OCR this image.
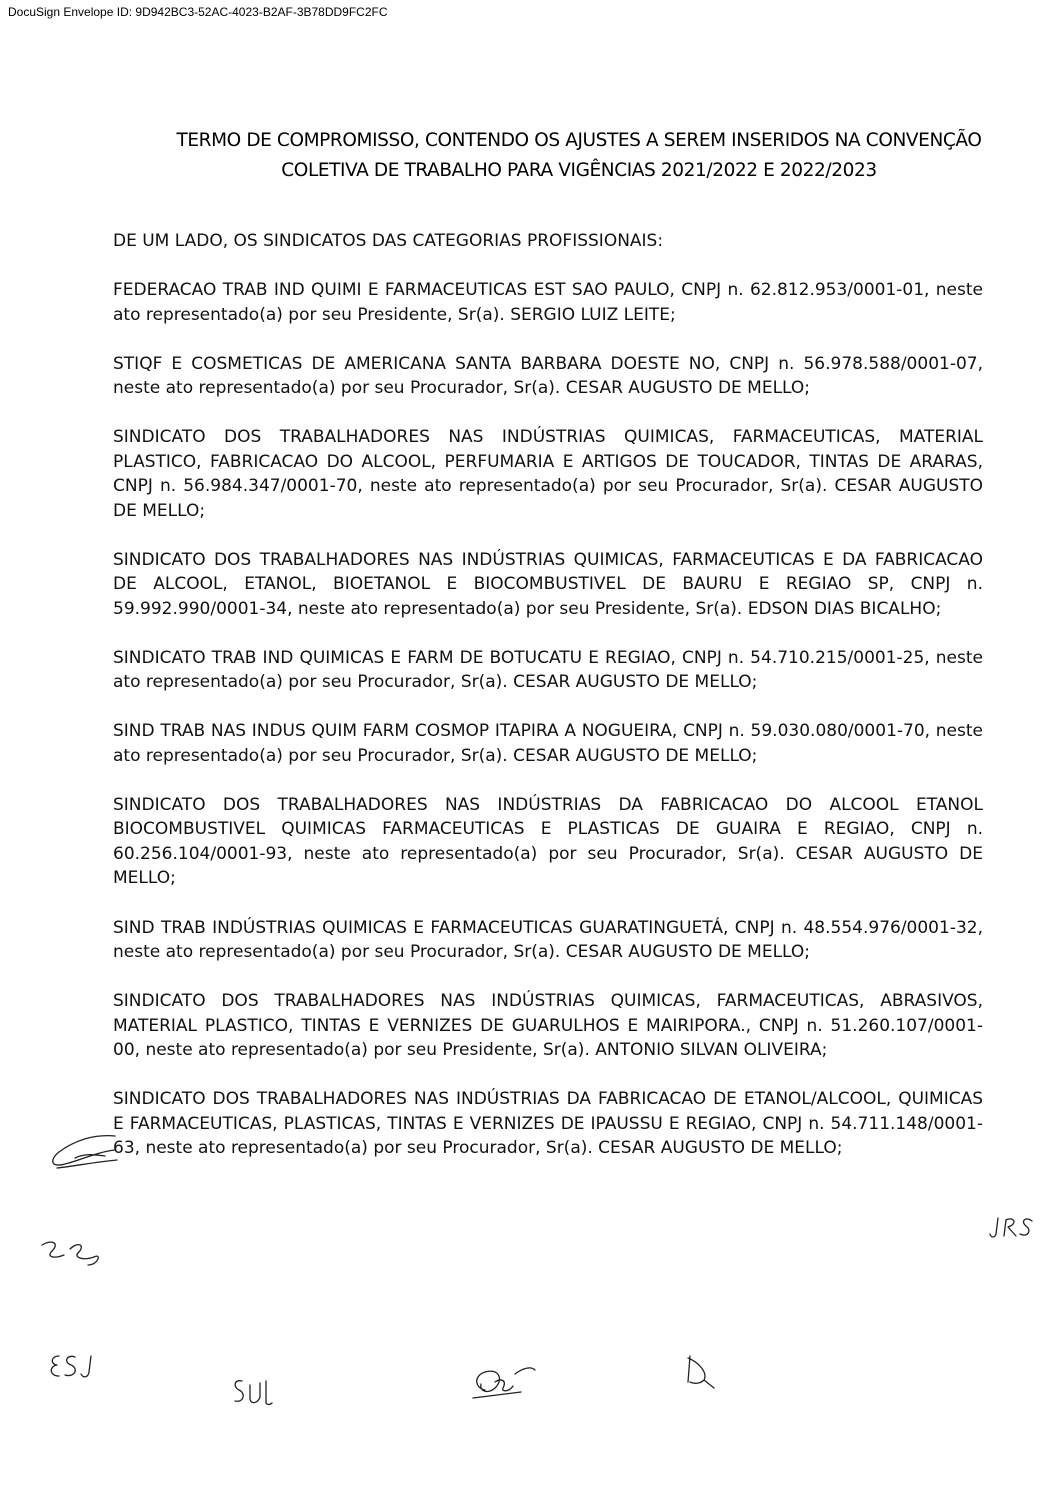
DocuSign Envelope ID: 9D942BC3-52AC-4023-B2AF-3B78DD9FC2FC
TERMO DE COMPROMISSO, CONTENDO OS AJUSTES A SEREM INSERIDOS NA CONVENÇÃO
COLETIVA DE TRABALHO PARA VIGÊNCIAS 2021/2022 E 2022/2023
DE UM LADO, OS SINDICATOS DAS CATEGORIAS PROFISSIONAIS:
FEDERACAO TRAB IND QUIMI E FARMACEUTICAS EST SAO PAULO, CNPJ n. 62.812.953/0001-01, neste ato representado(a) por seu Presidente, Sr(a). SERGIO LUIZ LEITE;
STIQF E COSMETICAS DE AMERICANA SANTA BARBARA DOESTE NO, CNPJ n. 56.978.588/0001-07, neste ato representado(a) por seu Procurador, Sr(a). CESAR AUGUSTO DE MELLO;
SINDICATO DOS TRABALHADORES NAS INDÚSTRIAS QUIMICAS, FARMACEUTICAS, MATERIAL PLASTICO, FABRICACAO DO ALCOOL, PERFUMARIA E ARTIGOS DE TOUCADOR, TINTAS DE ARARAS, CNPJ n. 56.984.347/0001-70, neste ato representado(a) por seu Procurador, Sr(a). CESAR AUGUSTO DE MELLO;
SINDICATO DOS TRABALHADORES NAS INDÚSTRIAS QUIMICAS, FARMACEUTICAS E DA FABRICACAO DE ALCOOL, ETANOL, BIOETANOL E BIOCOMBUSTIVEL DE BAURU E REGIAO SP, CNPJ n. 59.992.990/0001-34, neste ato representado(a) por seu Presidente, Sr(a). EDSON DIAS BICALHO;
SINDICATO TRAB IND QUIMICAS E FARM DE BOTUCATU E REGIAO, CNPJ n. 54.710.215/0001-25, neste ato representado(a) por seu Procurador, Sr(a). CESAR AUGUSTO DE MELLO;
SIND TRAB NAS INDUS QUIM FARM COSMOP ITAPIRA A NOGUEIRA, CNPJ n. 59.030.080/0001-70, neste ato representado(a) por seu Procurador, Sr(a). CESAR AUGUSTO DE MELLO;
SINDICATO DOS TRABALHADORES NAS INDÚSTRIAS DA FABRICACAO DO ALCOOL ETANOL BIOCOMBUSTIVEL QUIMICAS FARMACEUTICAS E PLASTICAS DE GUAIRA E REGIAO, CNPJ n. 60.256.104/0001-93, neste ato representado(a) por seu Procurador, Sr(a). CESAR AUGUSTO DE MELLO;
SIND TRAB INDÚSTRIAS QUIMICAS E FARMACEUTICAS GUARATINGUETÁ, CNPJ n. 48.554.976/0001-32, neste ato representado(a) por seu Procurador, Sr(a). CESAR AUGUSTO DE MELLO;
SINDICATO DOS TRABALHADORES NAS INDÚSTRIAS QUIMICAS, FARMACEUTICAS, ABRASIVOS, MATERIAL PLASTICO, TINTAS E VERNIZES DE GUARULHOS E MAIRIPORA., CNPJ n. 51.260.107/0001-00, neste ato representado(a) por seu Presidente, Sr(a). ANTONIO SILVAN OLIVEIRA;
SINDICATO DOS TRABALHADORES NAS INDÚSTRIAS DA FABRICACAO DE ETANOL/ALCOOL, QUIMICAS E FARMACEUTICAS, PLASTICAS, TINTAS E VERNIZES DE IPAUSSU E REGIAO, CNPJ n. 54.711.148/0001-63, neste ato representado(a) por seu Procurador, Sr(a). CESAR AUGUSTO DE MELLO;
